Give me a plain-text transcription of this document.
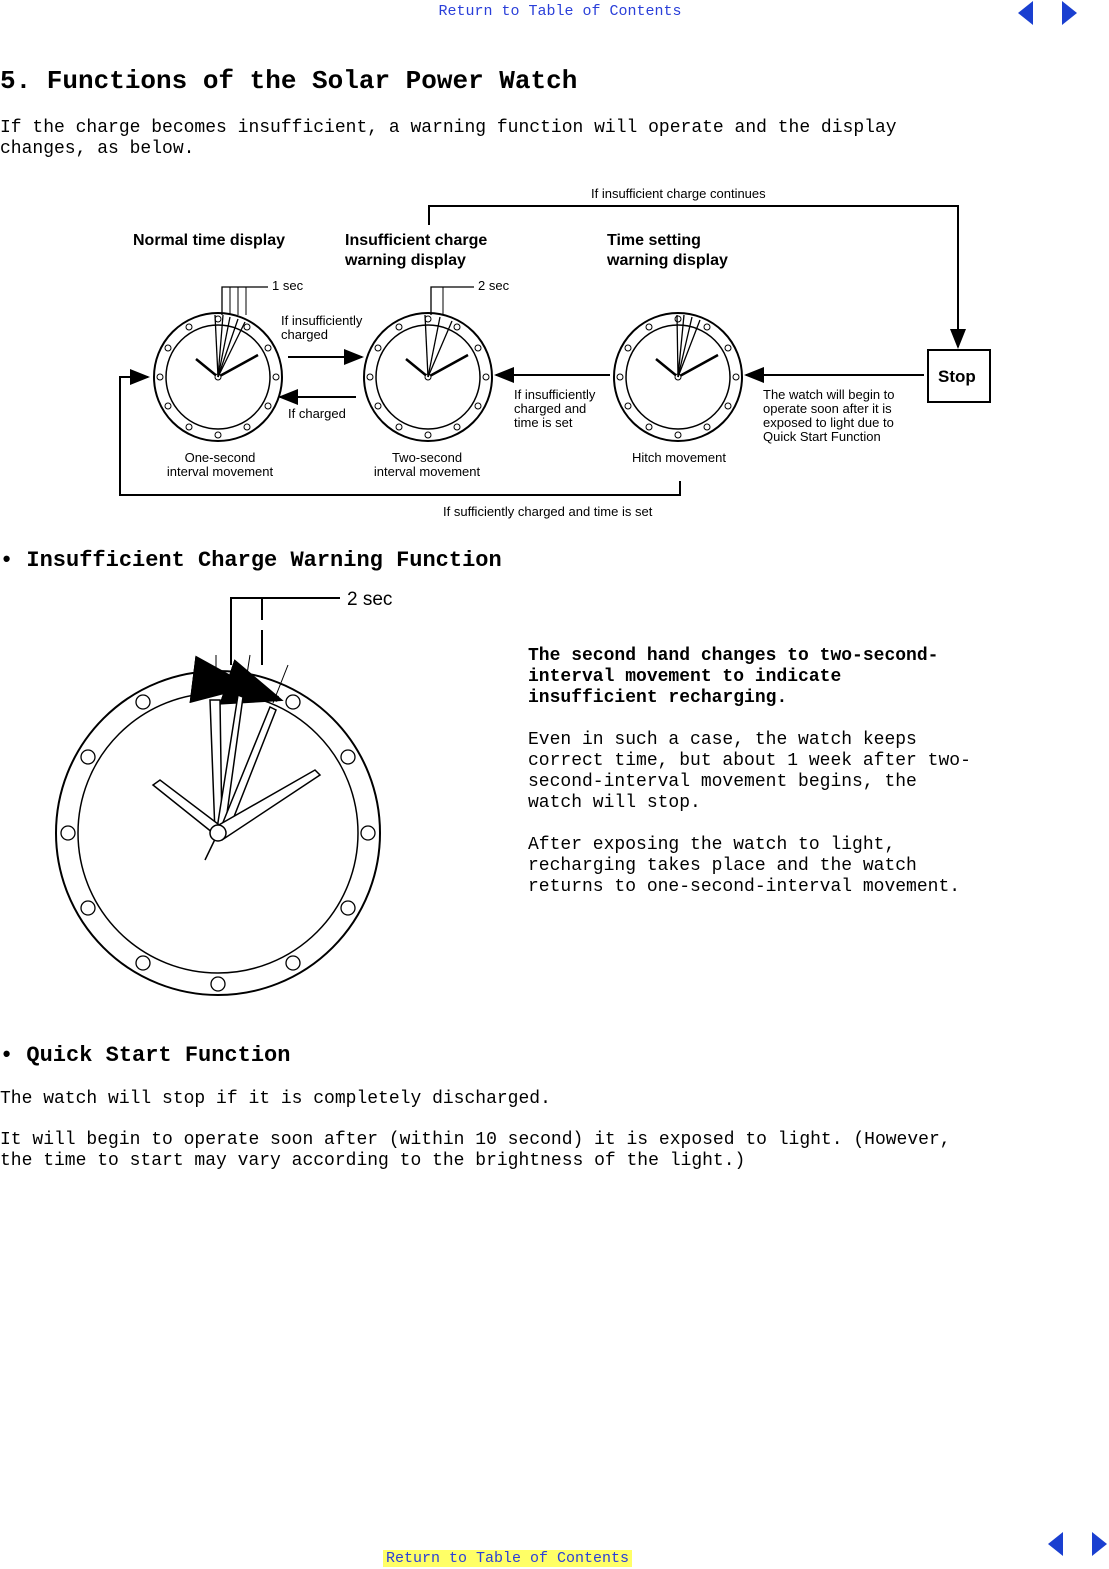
Return to Table of Contents
5. Functions of the Solar Power Watch

If the charge becomes insufficient, a warning function will operate and the display
changes, as below.

Normal time display	Insufficient charge
warning display
Time setting
warning display
If insufficient charge continues
1 sec	2 sec
If insufficiently
charged
If charged
If insufficiently
charged and
time is set
Stop
The watch will begin to
operate soon after it is
exposed to light due to
Quick Start Function
One-second
interval movement
Two-second
interval movement
Hitch movement
If sufficiently charged and time is set
• Insufficient Charge Warning Function
2 sec
The second hand changes to two-second-
interval movement to indicate
insufficient recharging.
Even in such a case, the watch keeps
correct time, but about 1 week after two-
second-interval movement begins, the
watch will stop.
After exposing the watch to light,
recharging takes place and the watch
returns to one-second-interval movement.
• Quick Start Function

The watch will stop if it is completely discharged.

It will begin to operate soon after (within 10 second) it is exposed to light. (However,
the time to start may vary according to the brightness of the light.)

Return to Table of Contents
